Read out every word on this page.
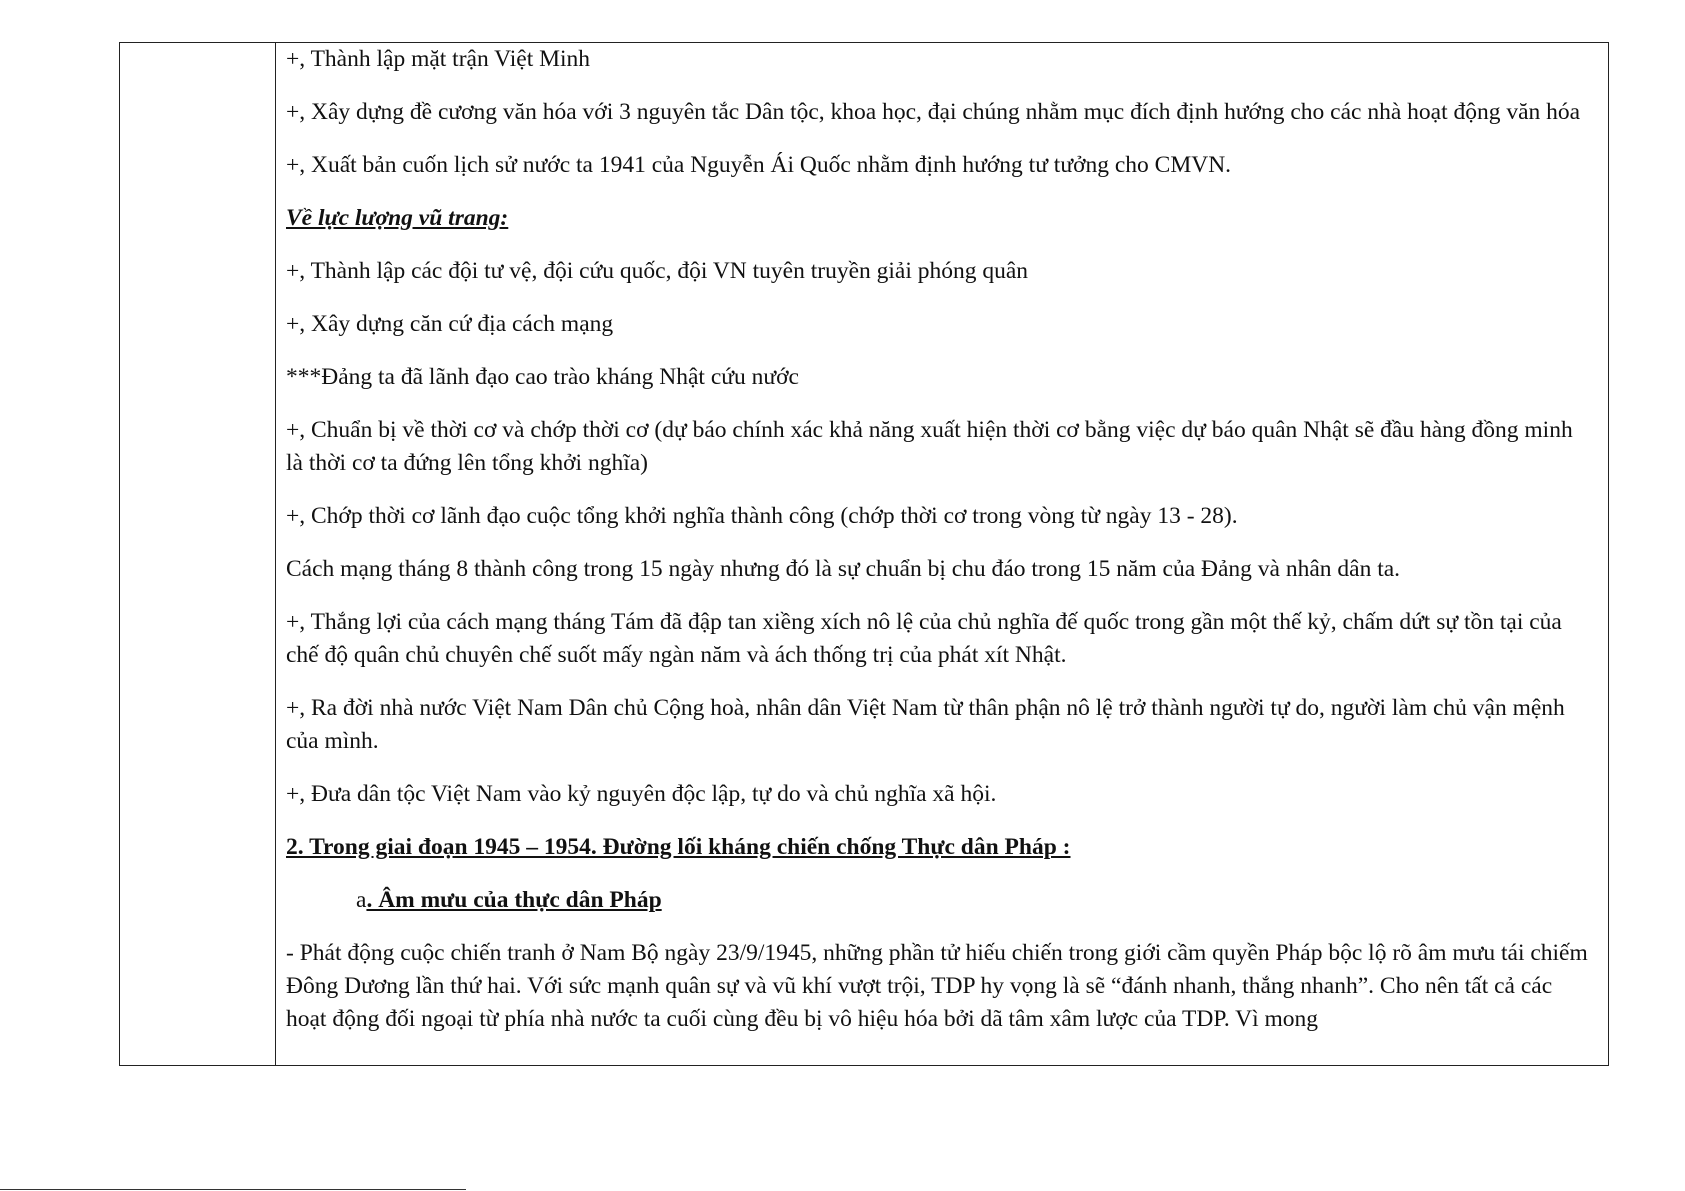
+, Thành lập mặt trận Việt Minh

+, Xây dựng đề cương văn hóa với 3 nguyên tắc Dân tộc, khoa học, đại chúng nhằm mục đích định hướng cho các nhà hoạt động văn hóa

+, Xuất bản cuốn lịch sử nước ta 1941 của Nguyễn Ái Quốc nhằm định hướng tư tưởng cho CMVN.

Về lực lượng vũ trang:

+, Thành lập các đội tư vệ, đội cứu quốc, đội VN tuyên truyền giải phóng quân

+, Xây dựng căn cứ địa cách mạng

***Đảng ta đã lãnh đạo cao trào kháng Nhật cứu nước

+, Chuẩn bị về thời cơ và chớp thời cơ (dự báo chính xác khả năng xuất hiện thời cơ bằng việc dự báo quân Nhật sẽ đầu hàng đồng minh là thời cơ ta đứng lên tổng khởi nghĩa)

+, Chớp thời cơ lãnh đạo cuộc tổng khởi nghĩa thành công (chớp thời cơ trong vòng từ ngày 13 - 28).

Cách mạng tháng 8 thành công trong 15 ngày nhưng đó là sự chuẩn bị chu đáo trong 15 năm của Đảng và nhân dân ta.

+, Thắng lợi của cách mạng tháng Tám đã đập tan xiềng xích nô lệ của chủ nghĩa đế quốc trong gần một thế kỷ, chấm dứt sự tồn tại của chế độ quân chủ chuyên chế suốt mấy ngàn năm và ách thống trị của phát xít Nhật.

+, Ra đời nhà nước Việt Nam Dân chủ Cộng hoà, nhân dân Việt Nam từ thân phận nô lệ trở thành người tự do, người làm chủ vận mệnh của mình.

+, Đưa dân tộc Việt Nam vào kỷ nguyên độc lập, tự do và chủ nghĩa xã hội.

2. Trong giai đoạn 1945 – 1954. Đường lối kháng chiến chống Thực dân Pháp :

a. Âm mưu của thực dân Pháp

- Phát động cuộc chiến tranh ở Nam Bộ ngày 23/9/1945, những phần tử hiếu chiến trong giới cầm quyền Pháp bộc lộ rõ âm mưu tái chiếm Đông Dương lần thứ hai. Với sức mạnh quân sự và vũ khí vượt trội, TDP hy vọng là sẽ “đánh nhanh, thắng nhanh”. Cho nên tất cả các hoạt động đối ngoại từ phía nhà nước ta cuối cùng đều bị vô hiệu hóa bởi dã tâm xâm lược của TDP. Vì mong
